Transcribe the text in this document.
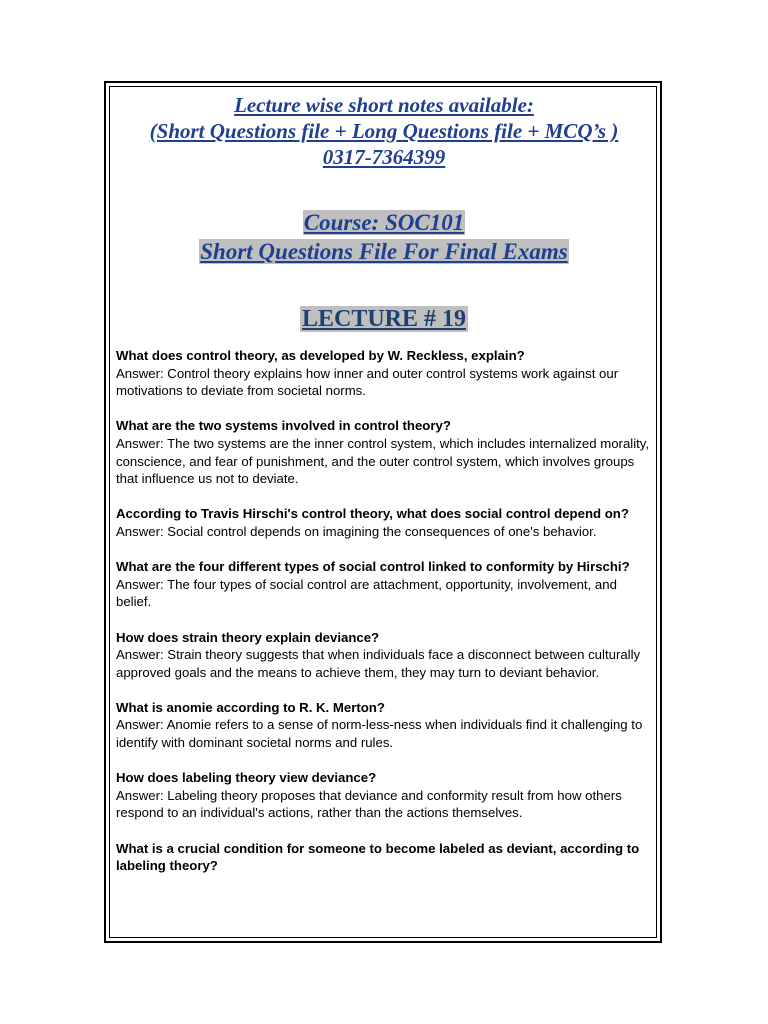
Lecture wise short notes available:
(Short Questions file + Long Questions file + MCQ’s )
0317-7364399
Course: SOC101
Short Questions File For Final Exams
LECTURE # 19
What does control theory, as developed by W. Reckless, explain?
Answer: Control theory explains how inner and outer control systems work against our motivations to deviate from societal norms.
What are the two systems involved in control theory?
Answer: The two systems are the inner control system, which includes internalized morality, conscience, and fear of punishment, and the outer control system, which involves groups that influence us not to deviate.
According to Travis Hirschi's control theory, what does social control depend on?
Answer: Social control depends on imagining the consequences of one's behavior.
What are the four different types of social control linked to conformity by Hirschi?
Answer: The four types of social control are attachment, opportunity, involvement, and belief.
How does strain theory explain deviance?
Answer: Strain theory suggests that when individuals face a disconnect between culturally approved goals and the means to achieve them, they may turn to deviant behavior.
What is anomie according to R. K. Merton?
Answer: Anomie refers to a sense of norm-less-ness when individuals find it challenging to identify with dominant societal norms and rules.
How does labeling theory view deviance?
Answer: Labeling theory proposes that deviance and conformity result from how others respond to an individual's actions, rather than the actions themselves.
What is a crucial condition for someone to become labeled as deviant, according to labeling theory?
